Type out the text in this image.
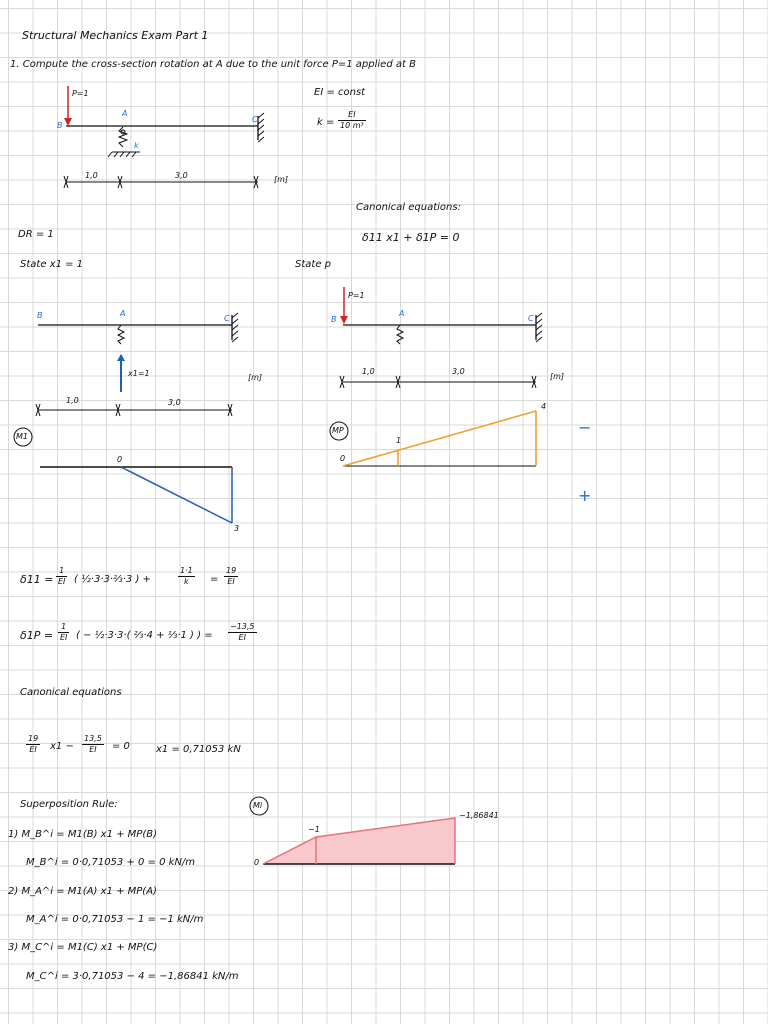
Structural Mechanics Exam Part 1
1. Compute the cross-section rotation at A due to the unit force P=1 applied at B
EI = const
$k = \frac{EI}{\text{10 m³}}$
P=1
B
A
C
k
1,0	3,0	[m]
Canonical equations:
δ11 x1 + δ1P = 0
DR = 1
State x1 = 1
B	A
C
x1=1	[m]
1,0	3,0
M1
0
3
State p
P=1
B
A
C
1,0	3,0
[m]
MP
0
1
4
−
+
$\delta 11 = \frac{1}{EI}$ ( ½·3·3·⅔·3 ) +	$\frac{1\cdot 1}{k} = \frac{19}{EI}$
$\delta 1P = \frac{1}{EI}$ ( − ½·3·3·( ⅔·4 + ⅓·1 ) ) = $\frac{-13,5}{EI}$
Canonical equations
$\frac{19}{EI} x1 - \frac{13,5}{EI} = 0$	x1 = 0,71053 kN
Superposition Rule:
1) M_B^i = M1(B) x1 + MP(B)
M_B^i = 0·0,71053 + 0 = 0 kN/m
2) M_A^i = M1(A) x1 + MP(A)
M_A^i = 0·0,71053 − 1 = −1 kN/m
3) M_C^i = M1(C) x1 + MP(C)
M_C^i = 3·0,71053 − 4 = −1,86841 kN/m
Mi
0
−1
−1,86841
